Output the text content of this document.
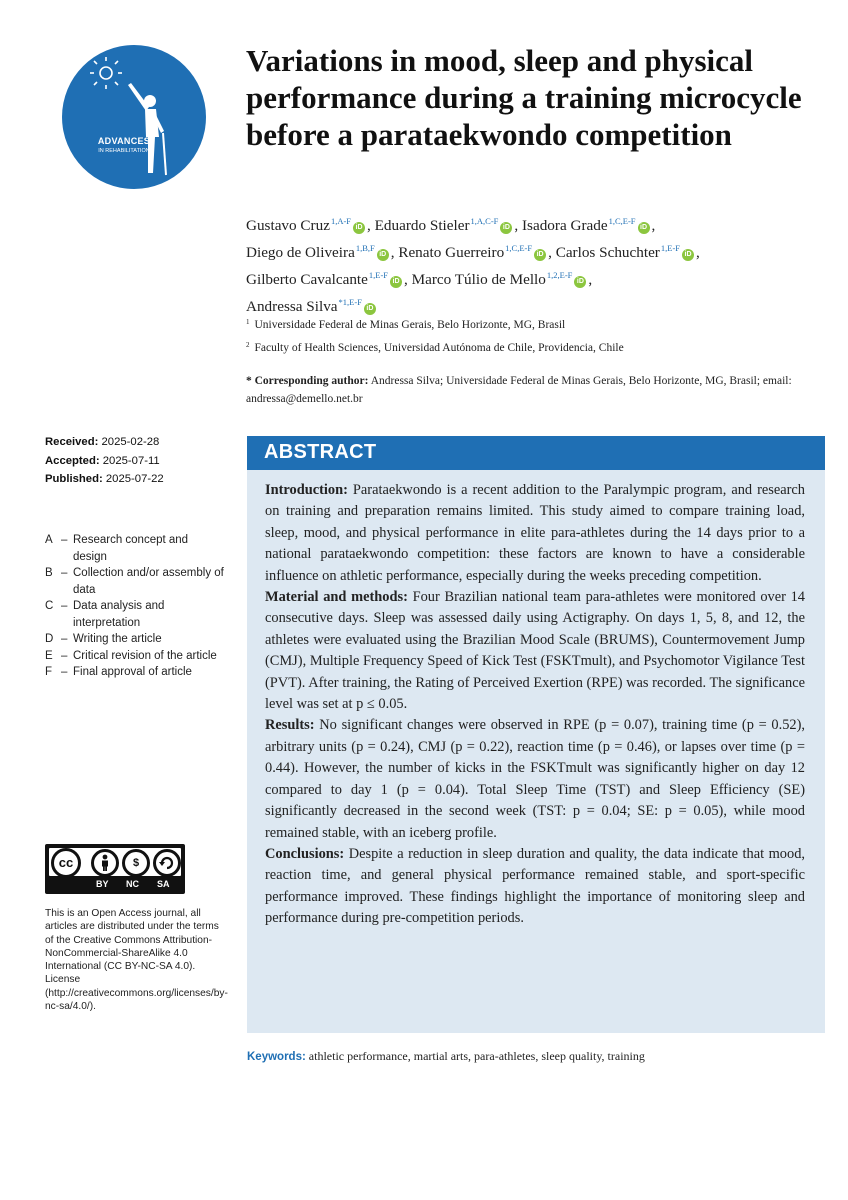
ADVANCES
IN REHABILITATION
Variations in mood, sleep and physical performance during a training microcycle before a parataekwondo competition
Gustavo Cruz$^{1,A-F}$iD , Eduardo Stieler$^{1,A,C-F}$iD , Isadora Grade$^{1,C,E-F}$iD ,
Diego de Oliveira$^{1,B,F}$iD , Renato Guerreiro$^{1,C,E-F}$iD , Carlos Schuchter$^{1,E-F}$iD ,
Gilberto Cavalcante$^{1,E-F}$iD , Marco Túlio de Mello$^{1,2,E-F}$iD ,
Andressa Silva$^{*1,E-F}$iD
$^1$ Universidade Federal de Minas Gerais, Belo Horizonte, MG, Brasil
$^2$ Faculty of Health Sciences, Universidad Autónoma de Chile, Providencia, Chile
* Corresponding author: Andressa Silva; Universidade Federal de Minas Gerais, Belo Horizonte, MG, Brasil; email: andressa@demello.net.br
Received: 2025-02-28
Accepted: 2025-07-11
Published: 2025-07-22
A – Research concept and design
B – Collection and/or assembly of data
C – Data analysis and interpretation
D – Writing the article
E – Critical revision of the article
F – Final approval of article
cc	$
BY NC SA
This is an Open Access journal, all articles are distributed under the terms of the Creative Commons Attribution-NonCommercial-ShareAlike 4.0 International (CC BY-NC-SA 4.0). License (http://creativecommons.org/licenses/by-nc-sa/4.0/).
ABSTRACT

Introduction: Parataekwondo is a recent addition to the Paralympic program, and research on training and preparation remains limited. This study aimed to compare training load, sleep, mood, and physical performance in elite para-athletes during the 14 days prior to a national parataekwondo competition: these factors are known to have a considerable influence on athletic performance, especially during the weeks preceding competition.

Material and methods: Four Brazilian national team para-athletes were monitored over 14 consecutive days. Sleep was assessed daily using Actigraphy. On days 1, 5, 8, and 12, the athletes were evaluated using the Brazilian Mood Scale (BRUMS), Countermovement Jump (CMJ), Multiple Frequency Speed of Kick Test (FSKTmult), and Psychomotor Vigilance Test (PVT). After training, the Rating of Perceived Exertion (RPE) was recorded. The significance level was set at p ≤ 0.05.

Results: No significant changes were observed in RPE (p = 0.07), training time (p = 0.52), arbitrary units (p = 0.24), CMJ (p = 0.22), reaction time (p = 0.46), or lapses over time (p = 0.44). However, the number of kicks in the FSKTmult was significantly higher on day 12 compared to day 1 (p = 0.04). Total Sleep Time (TST) and Sleep Efficiency (SE) significantly decreased in the second week (TST: p = 0.04; SE: p = 0.05), while mood remained stable, with an iceberg profile.

Conclusions: Despite a reduction in sleep duration and quality, the data indicate that mood, reaction time, and general physical performance remained stable, and sport-specific performance improved. These findings highlight the importance of monitoring sleep and performance during pre-competition periods.

Keywords: athletic performance, martial arts, para-athletes, sleep quality, training
